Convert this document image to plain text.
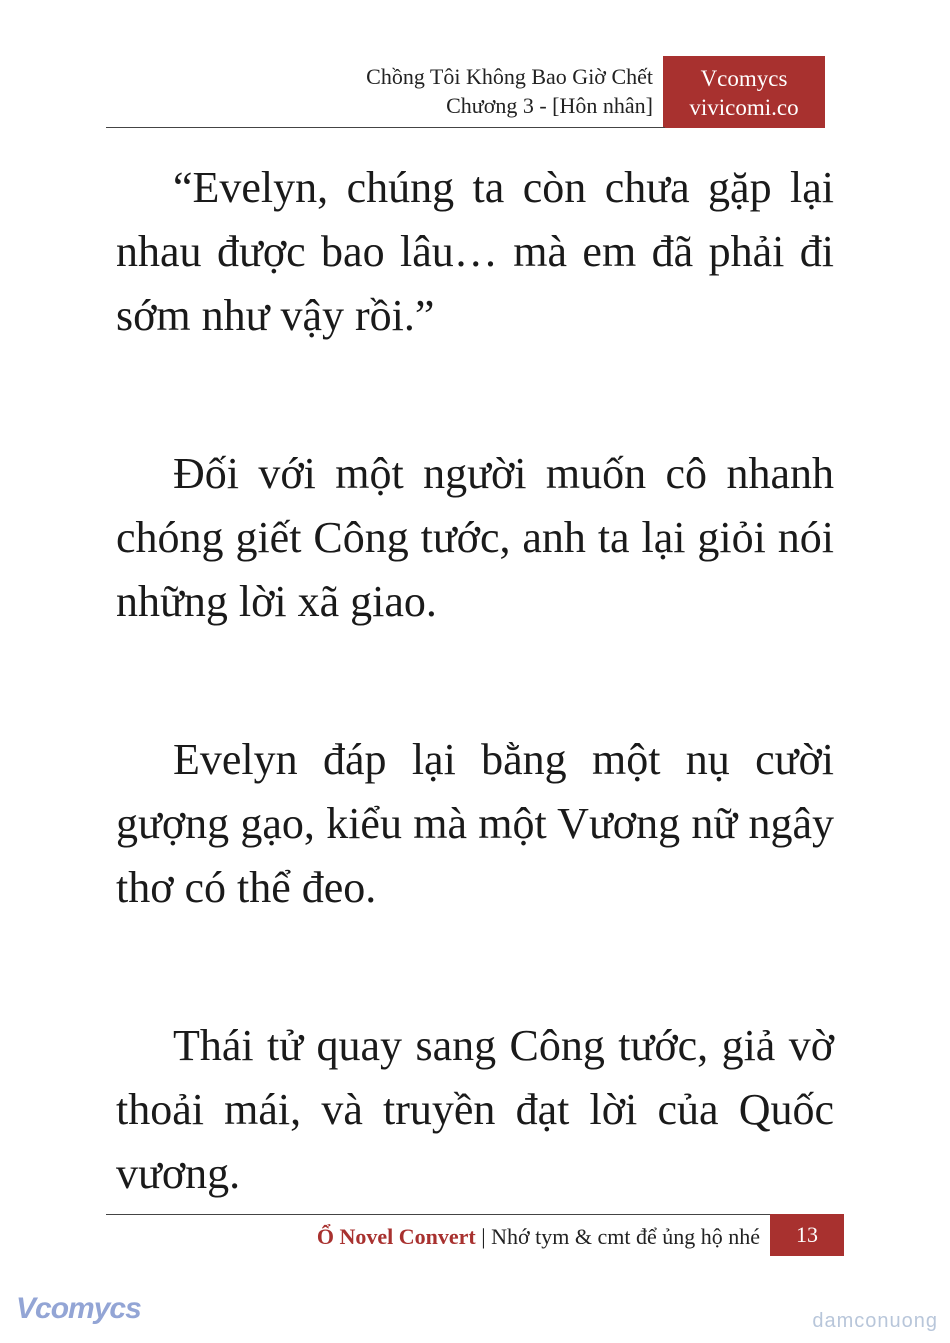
Chồng Tôi Không Bao Giờ Chết
Chương 3 - [Hôn nhân]
Vcomycs
vivicomi.co

“Evelyn, chúng ta còn chưa gặp lại nhau được bao lâu… mà em đã phải đi sớm như vậy rồi.”

Đối với một người muốn cô nhanh chóng giết Công tước, anh ta lại giỏi nói những lời xã giao.

Evelyn đáp lại bằng một nụ cười gượng gạo, kiểu mà một Vương nữ ngây thơ có thể đeo.

Thái tử quay sang Công tước, giả vờ thoải mái, và truyền đạt lời của Quốc vương.

Ổ Novel Convert | Nhớ tym & cmt để ủng hộ nhé	13
Vcomycs	damconuong
